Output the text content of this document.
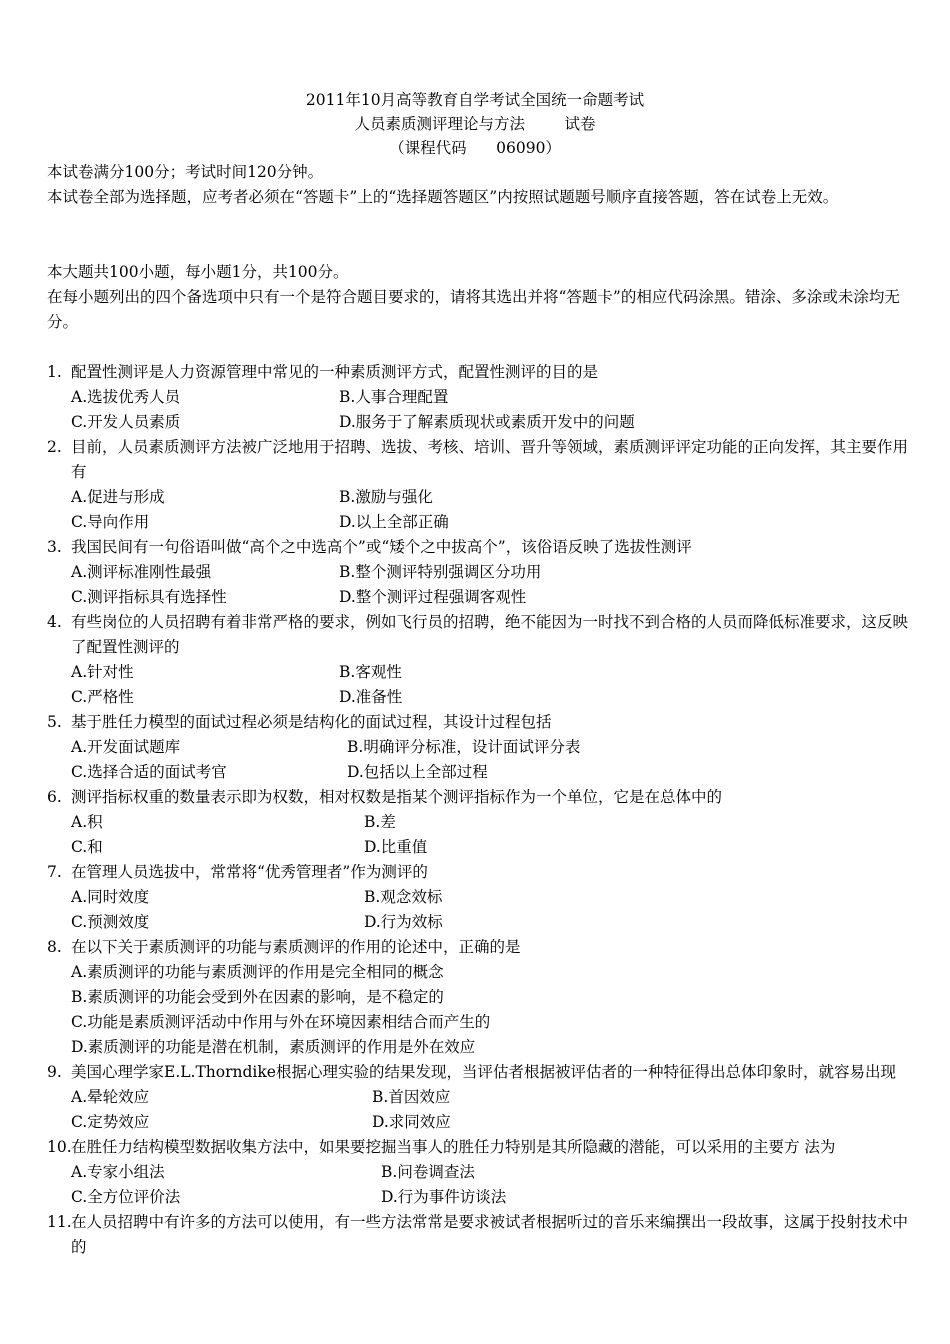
2011年10月高等教育自学考试全国统一命题考试
人员素质测评理论与方法        试卷
（课程代码      06090）

本试卷满分100分；考试时间120分钟。

本试卷全部为选择题，应考者必须在“答题卡”上的“选择题答题区”内按照试题题号顺序直接答题，答在试卷上无效。

本大题共100小题，每小题1分，共100分。

在每小题列出的四个备选项中只有一个是符合题目要求的，请将其选出并将“答题卡”的相应代码涂黑。错涂、多涂或未涂均无分。

1. 配置性测评是人力资源管理中常见的一种素质测评方式，配置性测评的目的是
A.选拔优秀人员	B.人事合理配置
C.开发人员素质	D.服务于了解素质现状或素质开发中的问题
2. 目前，人员素质测评方法被广泛地用于招聘、选拔、考核、培训、晋升等领域，素质测评评定功能的正向发挥，其主要作用有
A.促进与形成	B.激励与强化
C.导向作用	D.以上全部正确
3. 我国民间有一句俗语叫做“高个之中选高个”或“矮个之中拔高个”，该俗语反映了选拔性测评
A.测评标准刚性最强	B.整个测评特别强调区分功用
C.测评指标具有选择性	D.整个测评过程强调客观性
4. 有些岗位的人员招聘有着非常严格的要求，例如飞行员的招聘，绝不能因为一时找不到合格的人员而降低标准要求，这反映了配置性测评的
A.针对性	B.客观性
C.严格性	D.准备性
5. 基于胜任力模型的面试过程必须是结构化的面试过程，其设计过程包括
A.开发面试题库	B.明确评分标准，设计面试评分表
C.选择合适的面试考官	D.包括以上全部过程
6. 测评指标权重的数量表示即为权数，相对权数是指某个测评指标作为一个单位，它是在总体中的
A.积	B.差
C.和	D.比重值
7. 在管理人员选拔中，常常将“优秀管理者”作为测评的
A.同时效度	B.观念效标
C.预测效度	D.行为效标
8. 在以下关于素质测评的功能与素质测评的作用的论述中，正确的是
A.素质测评的功能与素质测评的作用是完全相同的概念
B.素质测评的功能会受到外在因素的影响，是不稳定的
C.功能是素质测评活动中作用与外在环境因素相结合而产生的
D.素质测评的功能是潜在机制，素质测评的作用是外在效应
9. 美国心理学家E.L.Thorndike根据心理实验的结果发现，当评估者根据被评估者的一种特征得出总体印象时，就容易出现
A.晕轮效应	B.首因效应
C.定势效应	D.求同效应
10. 在胜任力结构模型数据收集方法中，如果要挖掘当事人的胜任力特别是其所隐藏的潜能，可以采用的主要方 法为
A.专家小组法	B.问卷调查法
C.全方位评价法	D.行为事件访谈法
11. 在人员招聘中有许多的方法可以使用，有一些方法常常是要求被试者根据听过的音乐来编撰出一段故事，这属于投射技术中的
